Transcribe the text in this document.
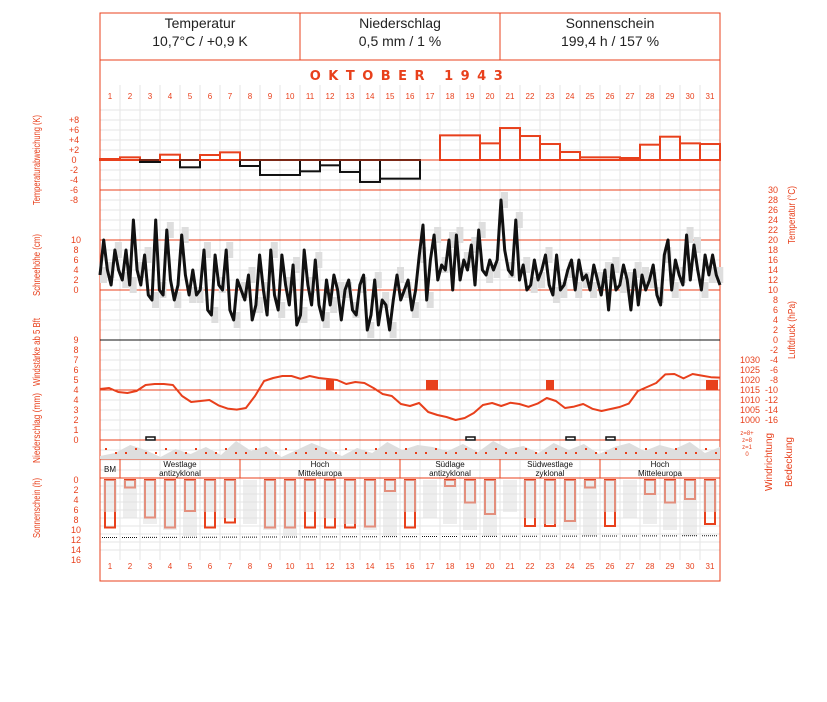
Temperatur
10,7°C / +0,9 K
Niederschlag
0,5 mm / 1 %
Sonnenschein
199,4 h / 157 %
OKTOBER 1943
1
1
2
2
3
3
4
4
5
5
6
6
7
7
8
8
9
9
10
10
11
11
12
12
13
13
14
14
15
15
16
16
17
17
18
18
19
19
20
20
21
21
22
22
23
23
24
24
25
25
26
26
27
27
28
28
29
29
30
30
31
31
Temperaturabweichung (K)
Schneehöhe (cm)
Windstärke ab 5 Bft
Niederschlag (mm)
Sonnenschein (h)
Temperatur (°C)
Luftdruck (hPa)
Windrichtung Bedeckung
+8
+6
+4
+2
0
-2
-4
-6
-8
10
8
6
4
2
0
9
8
7
6
5
4
4
3
2
1
0
0
2
4
6
8
10
12
14
16
30
28
26
24
22
20
18
16
14
12
10
8
6
4
2
0
-2
-4
-6
-8
-10
-12
-14
-16
1030
1025
1020
1015
1010
1005
1000
z=8+
z=8
z=1
0
BM
Westlage
antizyklonal
Hoch
Mitteleuropa
Südlage
antizyklonal
Südwestlage
zyklonal
Hoch
Mitteleuropa
